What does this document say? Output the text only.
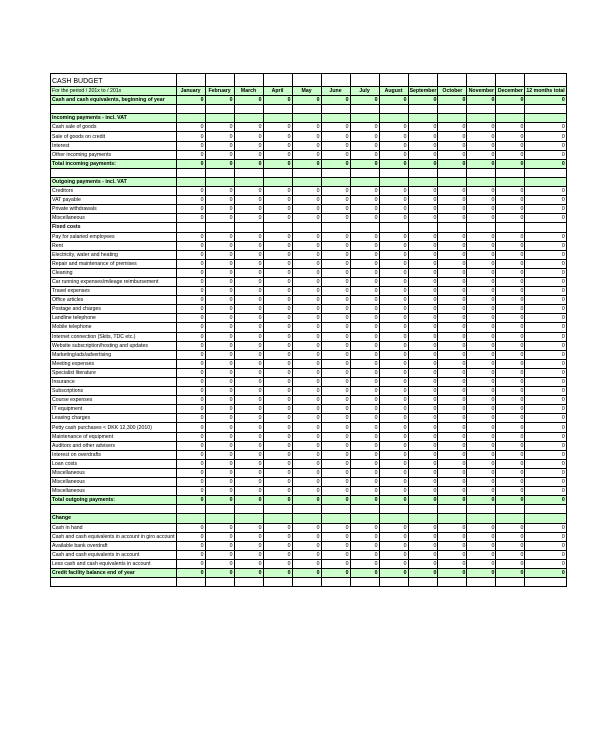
CASH BUDGET													
For the period / 201x to / 201x	January	February	March	April	May	June	July	August	September	October	November	December	12 months total
Cash and cash equivalents, beginning of year	0	0	0	0	0	0	0	0	0	0	0	0	0

Incoming payments - incl. VAT													
Cash sale of goods	0	0	0	0	0	0	0	0	0	0	0	0	0
Sale of goods on credit	0	0	0	0	0	0	0	0	0	0	0	0	0
Interest	0	0	0	0	0	0	0	0	0	0	0	0	0
Other incoming payments	0	0	0	0	0	0	0	0	0	0	0	0	0
Total incoming payments:	0	0	0	0	0	0	0	0	0	0	0	0	0

Outgoing payments - incl. VAT													
Creditors	0	0	0	0	0	0	0	0	0	0	0	0	0
VAT payable	0	0	0	0	0	0	0	0	0	0	0	0	0
Private withdrawals	0	0	0	0	0	0	0	0	0	0	0	0	0
Miscellaneous	0	0	0	0	0	0	0	0	0	0	0	0	0
Fixed costs													
Pay for salaried employees	0	0	0	0	0	0	0	0	0	0	0	0	0
Rent	0	0	0	0	0	0	0	0	0	0	0	0	0
Electricity, water and heating	0	0	0	0	0	0	0	0	0	0	0	0	0
Repair and maintenance of premises	0	0	0	0	0	0	0	0	0	0	0	0	0
Cleaning	0	0	0	0	0	0	0	0	0	0	0	0	0
Car running expenses/mileage reimbursement	0	0	0	0	0	0	0	0	0	0	0	0	0
Travel expenses	0	0	0	0	0	0	0	0	0	0	0	0	0
Office articles	0	0	0	0	0	0	0	0	0	0	0	0	0
Postage and charges	0	0	0	0	0	0	0	0	0	0	0	0	0
Landline telephone	0	0	0	0	0	0	0	0	0	0	0	0	0
Mobile telephone	0	0	0	0	0	0	0	0	0	0	0	0	0
Internet connection (Skits, TDC etc.)	0	0	0	0	0	0	0	0	0	0	0	0	0
Website subscription/hosting and updates	0	0	0	0	0	0	0	0	0	0	0	0	0
Marketing/ads/advertising	0	0	0	0	0	0	0	0	0	0	0	0	0
Meeting expenses	0	0	0	0	0	0	0	0	0	0	0	0	0
Specialist literature	0	0	0	0	0	0	0	0	0	0	0	0	0
Insurance	0	0	0	0	0	0	0	0	0	0	0	0	0
Subscriptions	0	0	0	0	0	0	0	0	0	0	0	0	0
Course expenses	0	0	0	0	0	0	0	0	0	0	0	0	0
IT equipment	0	0	0	0	0	0	0	0	0	0	0	0	0
Leasing charges	0	0	0	0	0	0	0	0	0	0	0	0	0
Petty cash purchases < DKK 12,300 (2010)	0	0	0	0	0	0	0	0	0	0	0	0	0
Maintenance of equipment	0	0	0	0	0	0	0	0	0	0	0	0	0
Auditors and other advisers	0	0	0	0	0	0	0	0	0	0	0	0	0
Interest on overdrafts	0	0	0	0	0	0	0	0	0	0	0	0	0
Loan costs	0	0	0	0	0	0	0	0	0	0	0	0	0
Miscellaneous	0	0	0	0	0	0	0	0	0	0	0	0	0
Miscellaneous	0	0	0	0	0	0	0	0	0	0	0	0	0
Miscellaneous	0	0	0	0	0	0	0	0	0	0	0	0	0
Total outgoing payments:	0	0	0	0	0	0	0	0	0	0	0	0	0

Change													
Cash in hand	0	0	0	0	0	0	0	0	0	0	0	0	0
Cash and cash equivalents in account in giro account	0	0	0	0	0	0	0	0	0	0	0	0	0
Available bank overdraft	0	0	0	0	0	0	0	0	0	0	0	0	0
Cash and cash equivalents in account	0	0	0	0	0	0	0	0	0	0	0	0	0
Less cash and cash equivalents in account	0	0	0	0	0	0	0	0	0	0	0	0	0
Credit facility balance end of year	0	0	0	0	0	0	0	0	0	0	0	0	0
